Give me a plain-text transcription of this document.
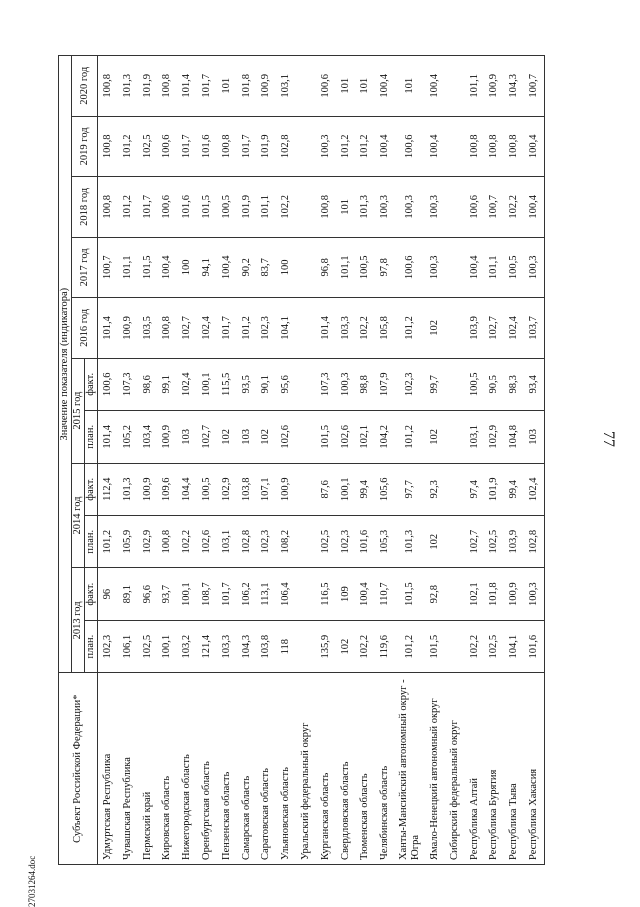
77
27031264.doc
Субъект Российской Федерации*	Значение показателя (индикатора)										
	2013 год		2014 год		2015 год		2016 год	2017 год	2018 год	2019 год	2020 год
	план.	факт.	план.	факт.	план.	факт.					
Удмуртская Республика	102,3	96	101,2	112,4	101,4	100,6	101,4	100,7	100,8	100,8	100,8
Чувашская Республика	106,1	89,1	105,9	101,3	105,2	107,3	100,9	101,1	101,2	101,2	101,3
Пермский край	102,5	96,6	102,9	100,9	103,4	98,6	103,5	101,5	101,7	102,5	101,9
Кировская область	100,1	93,7	100,8	109,6	100,9	99,1	100,8	100,4	100,6	100,6	100,8
Нижегородская область	103,2	100,1	102,2	104,4	103	102,4	102,7	100	101,6	101,7	101,4
Оренбургская область	121,4	108,7	102,6	100,5	102,7	100,1	102,4	94,1	101,5	101,6	101,7
Пензенская область	103,3	101,7	103,1	102,9	102	115,5	101,7	100,4	100,5	100,8	101
Самарская область	104,3	106,2	102,8	103,8	103	93,5	101,2	90,2	101,9	101,7	101,8
Саратовская область	103,8	113,1	102,3	107,1	102	90,1	102,3	83,7	101,1	101,9	100,9
Ульяновская область	118	106,4	108,2	100,9	102,6	95,6	104,1	100	102,2	102,8	103,1
Уральский федеральный округ											
Курганская область	135,9	116,5	102,5	87,6	101,5	107,3	101,4	96,8	100,8	100,3	100,6
Свердловская область	102	109	102,3	100,1	102,6	100,3	103,3	101,1	101	101,2	101
Тюменская область	102,2	100,4	101,6	99,4	102,1	98,8	102,2	100,5	101,3	101,2	101
Челябинская область	119,6	110,7	105,3	105,6	104,2	107,9	105,8	97,8	100,3	100,4	100,4
Ханты-Мансийский автономный округ - Югра	101,2	101,5	101,3	97,7	101,2	102,3	101,2	100,6	100,3	100,6	101
Ямало-Ненецкий автономный округ	101,5	92,8	102	92,3	102	99,7	102	100,3	100,3	100,4	100,4
Сибирский федеральный округ											
Республика Алтай	102,2	102,1	102,7	97,4	103,1	100,5	103,9	100,4	100,6	100,8	101,1
Республика Бурятия	102,5	101,8	102,5	101,9	102,9	90,5	102,7	101,1	100,7	100,8	100,9
Республика Тыва	104,1	100,9	103,9	99,4	104,8	98,3	102,4	100,5	102,2	100,8	104,3
Республика Хакасия	101,6	100,3	102,8	102,4	103	93,4	103,7	100,3	100,4	100,4	100,7
